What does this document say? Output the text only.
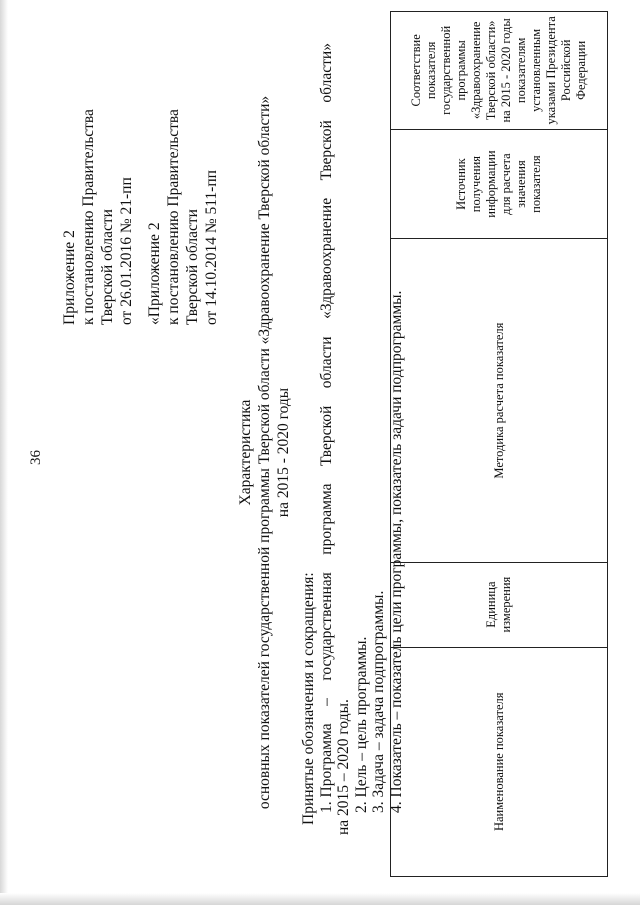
36
Приложение 2 к постановлению Правительства Тверской области от 26.01.2016 № 21-пп «Приложение 2 к постановлению Правительства Тверской области от 14.10.2014 № 511-пп
Характеристика основных показателей государственной программы Тверской области «Здравоохранение Тверской области» на 2015 - 2020 годы
Принятые обозначения и сокращения: 1. Программа
–
государственная
программа
Тверской
области
«Здравоохранение
Тверской
области»
на 2015 – 2020 годы. 2. Цель – цель программы. 3. Задача – задача подпрограммы. 4. Показатель – показатель цели программы, показатель задачи подпрограммы.	Наименование показателя
Единица измерения
Методика расчета показателя
Источник получения информации для расчета значения показателя
Соответствие показателя государственной программы «Здравоохранение Тверской области» на 2015 - 2020 годы показателям установленным указами Президента Российской Федерации
